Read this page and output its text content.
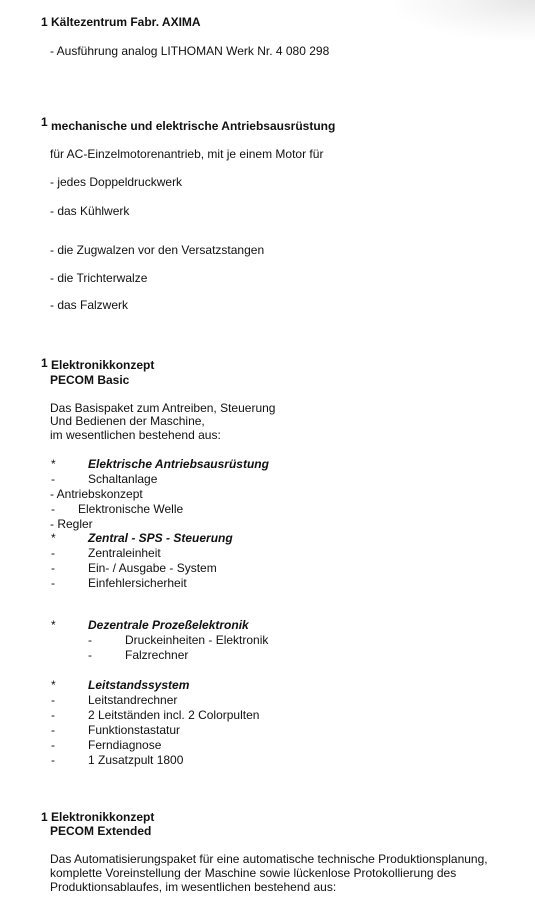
1 Kältezentrum Fabr. AXIMA
- Ausführung analog LITHOMAN Werk Nr. 4 080 298
1 mechanische und elektrische Antriebsausrüstung
für AC-Einzelmotorenantrieb, mit je einem Motor für
- jedes Doppeldruckwerk
- das Kühlwerk
- die Zugwalzen vor den Versatzstangen
- die Trichterwalze
- das Falzwerk
1 Elektronikkonzept
PECOM Basic
Das Basispaket zum Antreiben, Steuerung
Und Bedienen der Maschine,
im wesentlichen bestehend aus:
*	Elektrische Antriebsausrüstung
-	Schaltanlage
- Antriebskonzept
- Elektronische Welle
- Regler
*	Zentral - SPS - Steuerung
-	Zentraleinheit
-	Ein- / Ausgabe - System
-	Einfehlersicherheit
*	Dezentrale Prozeßelektronik
-	Druckeinheiten - Elektronik
-	Falzrechner
*	Leitstandssystem
-	Leitstandrechner
-	2 Leitständen incl. 2 Colorpulten
-	Funktionstastatur
-	Ferndiagnose
-	1 Zusatzpult 1800
1 Elektronikkonzept
PECOM Extended
Das Automatisierungspaket für eine automatische technische Produktionsplanung,
komplette Voreinstellung der Maschine sowie lückenlose Protokollierung des
Produktionsablaufes, im wesentlichen bestehend aus:
